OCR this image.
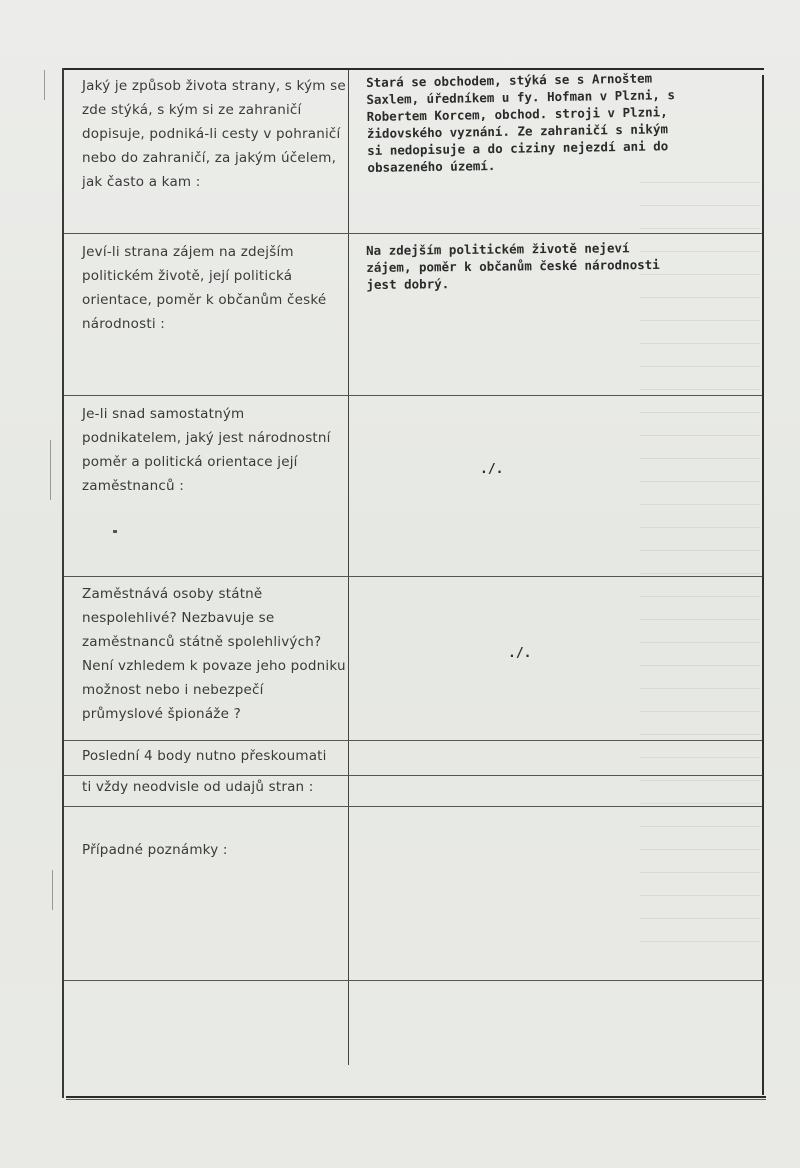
Jaký je způsob života strany, s kým se zde stýká, s kým si ze zahraničí dopisuje, podniká-li cesty v pohraničí nebo do zahraničí, za jakým účelem, jak často a kam :
Stará se obchodem, stýká se s Arnoštem
Saxlem, úředníkem u fy. Hofman v Plzni, s
Robertem Korcem, obchod. stroji v Plzni,
židovského vyznání. Ze zahraničí s nikým
si nedopisuje a do ciziny nejezdí ani do
obsazeného území.
Jeví-li strana zájem na zdejším politickém životě, její politická orientace, poměr k občanům české národnosti :
Na zdejším politickém životě nejeví
zájem, poměr k občanům české národnosti
jest dobrý.
Je-li snad samostatným podnikatelem, jaký jest národnostní poměr a politická orientace její zaměstnanců :
./.
Zaměstnává osoby státně nespolehlivé? Nezbavuje se zaměstnanců státně spolehlivých? Není vzhledem k povaze jeho podniku možnost nebo i nebezpečí průmyslové špionáže ?
./.
Poslední 4 body nutno přeskoumati
ti vždy neodvisle od udajů stran :
Případné poznámky :
